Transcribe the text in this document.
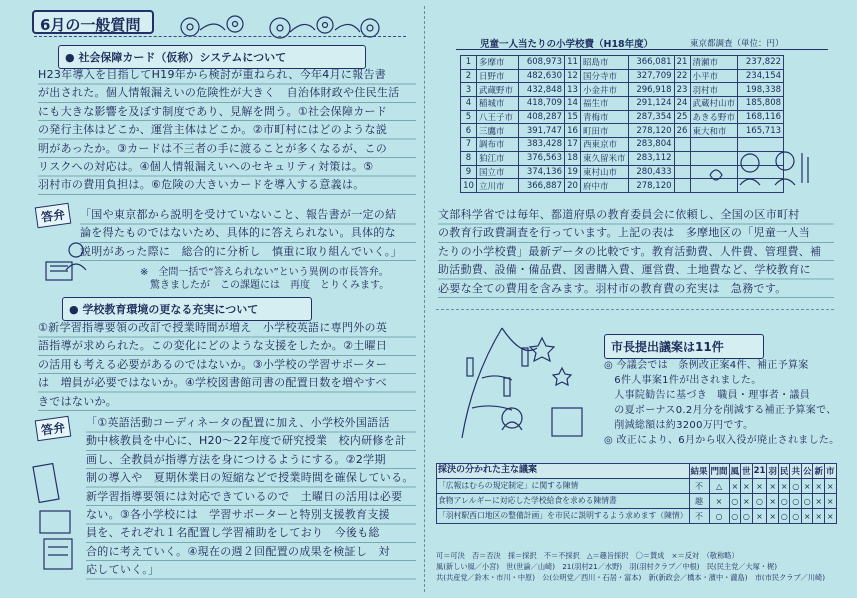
6月の一般質問
● 社会保障カード（仮称）システムについて

H23年導入を目指してH19年から検討が重ねられ、今年4月に報告書

が出された。個人情報漏えいの危険性が大きく　自治体財政や住民生活

にも大きな影響を及ぼす制度であり、見解を問う。①社会保障カード

の発行主体はどこか、運営主体はどこか。②市町村にはどのような説

明があったか。③カードは不三者の手に渡ることが多くなるが、この

リスクへの対応は。④個人情報漏えいへのセキュリティ対策は。⑤

羽村市の費用負担は。⑥危険の大きいカードを導入する意義は。

答弁	「国や東京都から説明を受けていないこと、報告書が一定の結

論を得たものではないため、具体的に答えられない。具体的な

説明があった際に　総合的に分析し　慎重に取り組んでいく。」

※　全問一括で“答えられない”という異例の市長答弁。

　驚きましたが　この課題には　再度　とりくみます。

● 学校教育環境の更なる充実について

①新学習指導要領の改訂で授業時間が増え　小学校英語に専門外の英

語指導が求められた。この変化にどのような支援をしたか。②土曜日

の活用も考える必要があるのではないか。③小学校の学習サポーター

は　増員が必要ではないか。④学校図書館司書の配置日数を増やすべ

きではないか。

答弁	「①英語活動コーディネータの配置に加え、小学校外国語活

動中核教員を中心に、H20〜22年度で研究授業　校内研修を計

画し、全教員が指導方法を身につけるようにする。②2学期

制の導入や　夏期休業日の短縮などで授業時間を確保している。

新学習指導要領には対応できているので　土曜日の活用は必要

ない。③各小学校には　学習サポーターと特別支援教育支援

員を、それぞれ１名配置し学習補助をしており　今後も総

合的に考えていく。④現在の週２回配置の成果を検証し　対

応していく。」

児童一人当たりの小学校費（H18年度）	東京都調査（単位：円）
1	多摩市	608,973	11	昭島市	366,081	21	清瀬市	237,822
2	日野市	482,630	12	国分寺市	327,709	22	小平市	234,154
3	武蔵野市	432,848	13	小金井市	296,918	23	羽村市	198,338
4	稲城市	418,709	14	福生市	291,124	24	武蔵村山市	185,808
5	八王子市	408,287	15	青梅市	287,354	25	あきる野市	168,116
6	三鷹市	391,747	16	町田市	278,120	26	東大和市	165,713
7	調布市	383,428	17	西東京市	283,804			
8	狛江市	376,563	18	東久留米市	283,112			
9	国立市	374,136	19	東村山市	280,433			
10	立川市	366,887	20	府中市	278,120			

文部科学省では毎年、都道府県の教育委員会に依頼し、全国の区市町村

の教育行政費調査を行っています。上記の表は　多摩地区の「児童一人当

たりの小学校費」最新データの比較です。教育活動費、人件費、管理費、補

助活動費、設備・備品費、図書購入費、運営費、土地費など、学校教育に

必要な全ての費用を含みます。羽村市の教育費の充実は　急務です。

市長提出議案は11件

◎ 今議会では　条例改正案4件、補正予算案

　6件人事案1件が出されました。

　人事院勧告に基づき　職員・理事者・議員

　の夏ボーナス0.2月分を削減する補正予算案で、

　削減総額は約3200万円です。

◎ 改正により、6月から収入役が廃止されました。

採決の分かれた主な議案	結果	門間	風	世	21	羽	民	共	公	新	市
「広報はむらの規定制定」に関する陳情	不	△	×	×	×	×	×	○	×	×	×
食物アレルギーに対応した学校給食を求める陳情書	趣	×	○	×	○	×	○	○	○	×	×
「羽村駅西口地区の整備計画」を市民に説明するよう求めます（陳情）	不	○	○	○	×	×	○	○	×	×	×

可＝可決　否＝否決　採＝採択　不＝不採択　△＝趣旨採択　〇＝賛成　×＝反対　（敬称略）

風(新しい風／小宮)　世(世論／山崎)　21(羽村21／水野)　羽(羽村クラブ／中根)　民(民主党／大塚・梶)

共(共産党／鈴木・市川・中原)　公(公明党／西川・石居・富本)　新(新政会／橋本・濱中・瀧島)　市(市民クラブ／川崎)
